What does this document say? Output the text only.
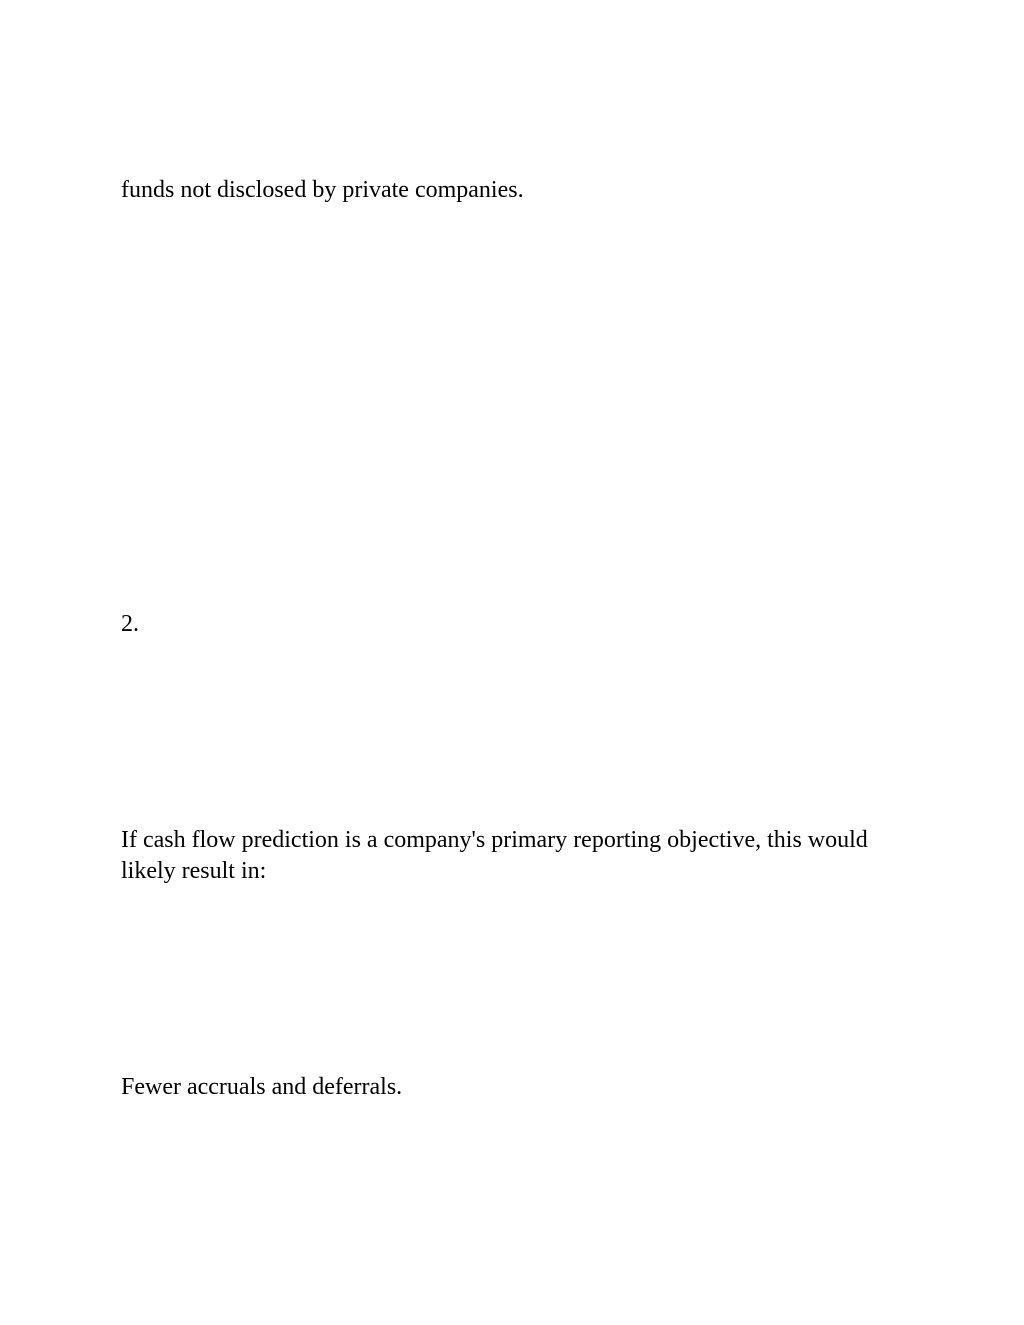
funds not disclosed by private companies.

2.

If cash flow prediction is a company's primary reporting objective, this would likely result in:

Fewer accruals and deferrals.
